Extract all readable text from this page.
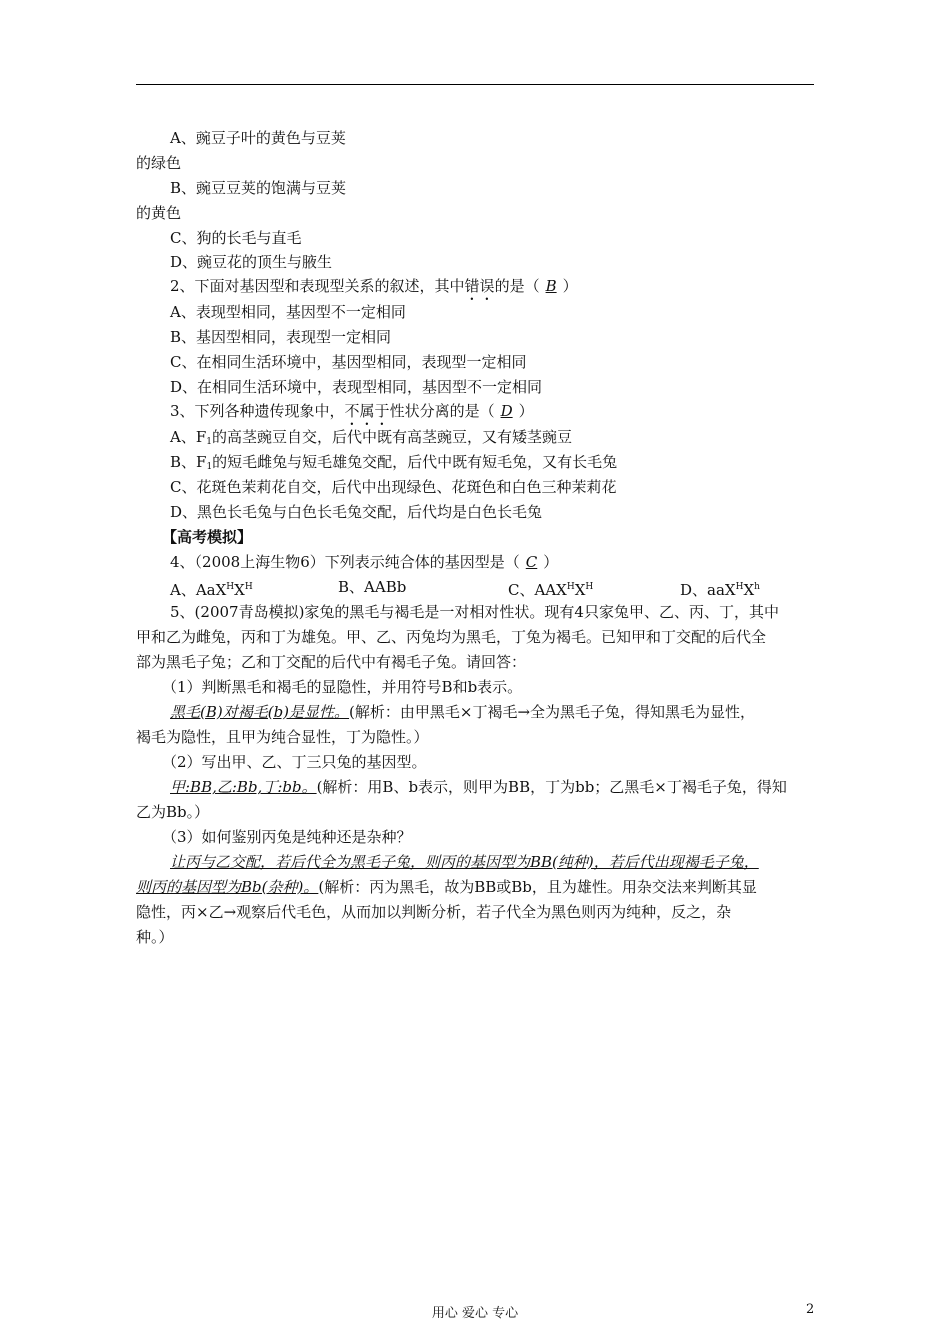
A、豌豆子叶的黄色与豆荚
的绿色
B、豌豆豆荚的饱满与豆荚
的黄色
C、狗的长毛与直毛
D、豌豆花的顶生与腋生
2、下面对基因型和表现型关系的叙述，其中错误的是（ B ）
A、表现型相同，基因型不一定相同
B、基因型相同，表现型一定相同
C、在相同生活环境中，基因型相同，表现型一定相同
D、在相同生活环境中，表现型相同，基因型不一定相同
3、下列各种遗传现象中，不属于性状分离的是（ D ）
A、$F_1$的高茎豌豆自交，后代中既有高茎豌豆，又有矮茎豌豆
B、$F_1$的短毛雌兔与短毛雄兔交配，后代中既有短毛兔，又有长毛兔
C、花斑色茉莉花自交，后代中出现绿色、花斑色和白色三种茉莉花
D、黑色长毛兔与白色长毛兔交配，后代均是白色长毛兔
【高考模拟】
4、（2008上海生物6）下列表示纯合体的基因型是（ C ）
A、$AaX^HX^H$	B、AABb	C、$AAX^HX^H$	D、$aaX^HX^h$
5、(2007青岛模拟)家兔的黑毛与褐毛是一对相对性状。现有4只家兔甲、乙、丙、丁，其中
甲和乙为雌兔，丙和丁为雄兔。甲、乙、丙兔均为黑毛，丁兔为褐毛。已知甲和丁交配的后代全
部为黑毛子兔；乙和丁交配的后代中有褐毛子兔。请回答：
（1）判断黑毛和褐毛的显隐性，并用符号B和b表示。
黑毛(B)对褐毛(b)是显性。(解析：由甲黑毛×丁褐毛→全为黑毛子兔，得知黑毛为显性，
褐毛为隐性，且甲为纯合显性，丁为隐性。）
（2）写出甲、乙、丁三只兔的基因型。
甲:BB,乙:Bb,丁:bb。(解析：用B、b表示，则甲为BB，丁为bb；乙黑毛×丁褐毛子兔，得知
乙为Bb。）
（3）如何鉴别丙兔是纯种还是杂种？
让丙与乙交配，若后代全为黑毛子兔，则丙的基因型为BB(纯种)，若后代出现褐毛子兔，
则丙的基因型为Bb(杂种)。(解析：丙为黑毛，故为BB或Bb，且为雄性。用杂交法来判断其显
隐性，丙×乙→观察后代毛色，从而加以判断分析，若子代全为黑色则丙为纯种，反之，杂
种。）
用心 爱心 专心	2
